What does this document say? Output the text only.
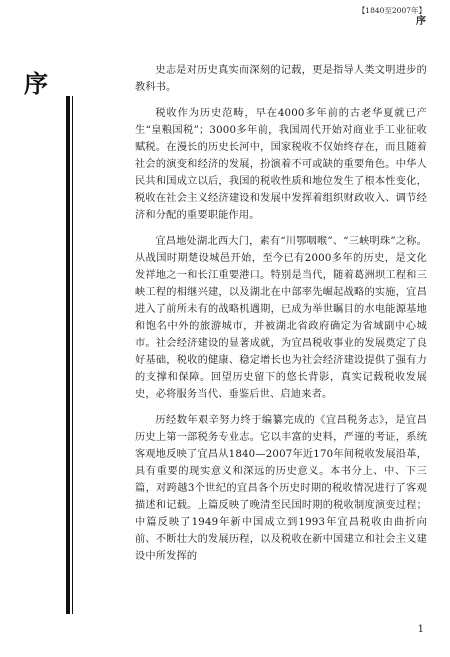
【1840至2007年】
序
序	史志是对历史真实而深刻的记载，更是指导人类文明进步的教科书。

税收作为历史范畴，早在4000多年前的古老华夏就已产生“皇粮国税”；3000多年前，我国周代开始对商业手工业征收赋税。在漫长的历史长河中，国家税收不仅始终存在，而且随着社会的演变和经济的发展，扮演着不可或缺的重要角色。中华人民共和国成立以后，我国的税收性质和地位发生了根本性变化，税收在社会主义经济建设和发展中发挥着组织财政收入、调节经济和分配的重要职能作用。

宜昌地处湖北西大门，素有“川鄂咽喉”、“三峡明珠”之称。从战国时期楚设城邑开始，至今已有2000多年的历史，是文化发祥地之一和长江重要港口。特别是当代，随着葛洲坝工程和三峡工程的相继兴建，以及湖北在中部率先崛起战略的实施，宜昌进入了前所未有的战略机遇期，已成为举世瞩目的水电能源基地和饱名中外的旅游城市，并被湖北省政府确定为省域副中心城市。社会经济建设的显著成就，为宜昌税收事业的发展奠定了良好基础，税收的健康、稳定增长也为社会经济建设提供了强有力的支撑和保障。回望历史留下的悠长背影，真实记载税收发展史，必将服务当代、垂鉴后世、启迪来者。

历经数年艰辛努力终于编纂完成的《宜昌税务志》，是宜昌历史上第一部税务专业志。它以丰富的史料，严谨的考证，系统客观地反映了宜昌从1840—2007年近170年间税收发展沿革，具有重要的现实意义和深远的历史意义。本书分上、中、下三篇，对跨越3个世纪的宜昌各个历史时期的税收情况进行了客观描述和记载。上篇反映了晚清至民国时期的税收制度演变过程；中篇反映了1949年新中国成立到1993年宜昌税收由曲折向前、不断壮大的发展历程，以及税收在新中国建立和社会主义建设中所发挥的

1
